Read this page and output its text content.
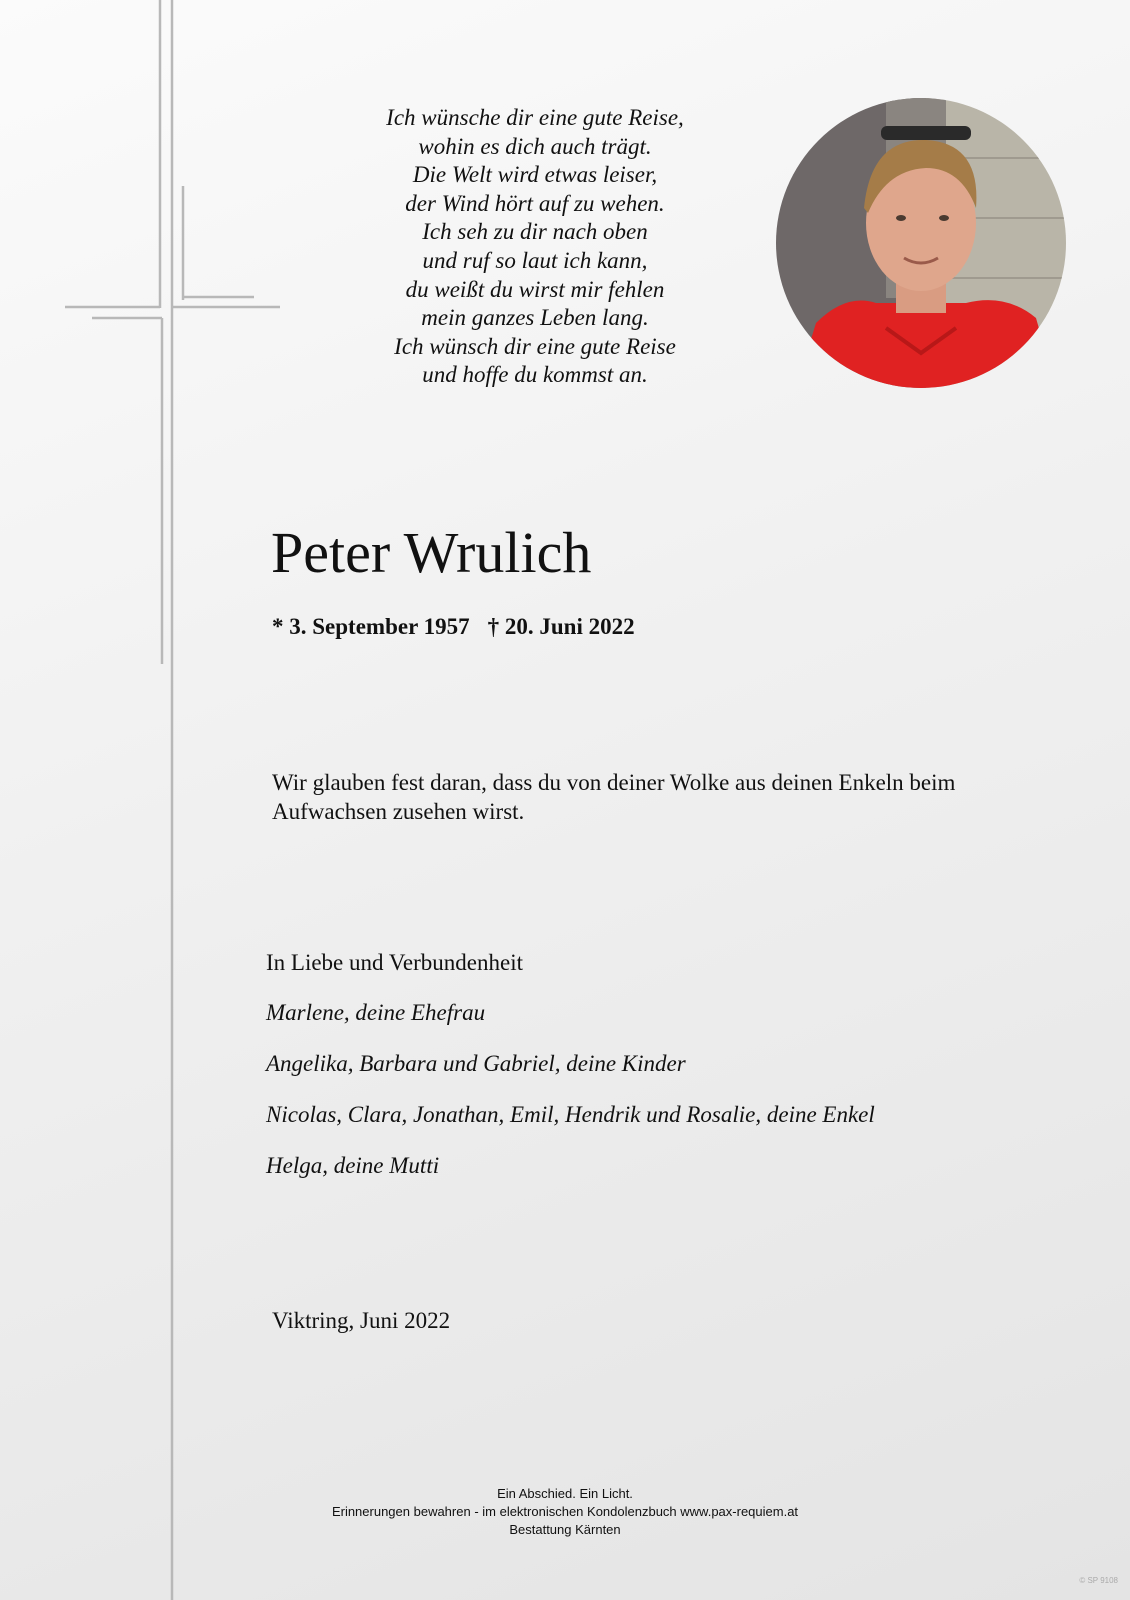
Ich wünsche dir eine gute Reise,
wohin es dich auch trägt.
Die Welt wird etwas leiser,
der Wind hört auf zu wehen.
Ich seh zu dir nach oben
und ruf so laut ich kann,
du weißt du wirst mir fehlen
mein ganzes Leben lang.
Ich wünsch dir eine gute Reise
und hoffe du kommst an.
Peter Wrulich
* 3. September 1957 † 20. Juni 2022
Wir glauben fest daran, dass du von deiner Wolke aus deinen Enkeln beim Aufwachsen zusehen wirst.
In Liebe und Verbundenheit
Marlene, deine Ehefrau
Angelika, Barbara und Gabriel, deine Kinder
Nicolas, Clara, Jonathan, Emil, Hendrik und Rosalie, deine Enkel
Helga, deine Mutti
Viktring, Juni 2022
Ein Abschied. Ein Licht.
Erinnerungen bewahren - im elektronischen Kondolenzbuch www.pax-requiem.at
Bestattung Kärnten
© SP 9108
